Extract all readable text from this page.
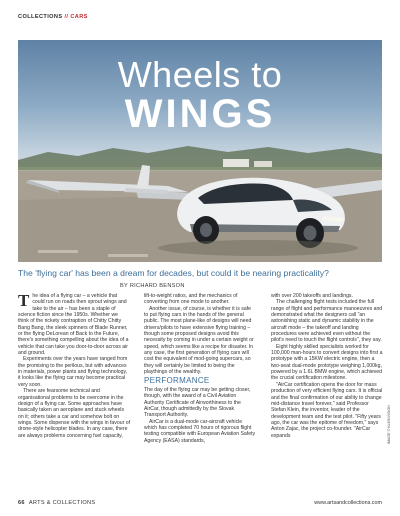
COLLECTIONS // CARS
Wheels to
WINGS
The 'flying car' has been a dream for decades, but could it be nearing practicality?
BY RICHARD BENSON

The idea of a flying car – a vehicle that could run on roads then sprout wings and take to the air – has been a staple of science fiction since the 1950s. Whether we think of the rickety contraption of Chitty Chitty Bang Bang, the sleek spinners of Blade Runner, or the flying DeLorean of Back to the Future, there's something compelling about the idea of a vehicle that can take you door-to-door across air and ground.

Experiments over the years have ranged from the promising to the perilous, but with advances in materials, power plants and flying technology, it looks like the flying car may become practical very soon.

There are fearsome technical and organisational problems to be overcome in the design of a flying car. Some approaches have basically taken an aeroplane and stuck wheels on it; others take a car and somehow bolt on wings. Some dispense with the wings in favour of drone-style helicopter blades. In any case, there are always problems concerning fuel capacity,

lift-to-weight ratios, and the mechanics of converting from one mode to another.

Another issue, of course, is whether it is safe to put flying cars in the hands of the general public. The most plane-like of designs will need drivers/pilots to have extensive flying training – though some proposed designs avoid this necessity by coming in under a certain weight or speed, which seems like a recipe for disaster. In any case, the first generation of flying cars will cost the equivalent of mod-going supercars, so they will certainly be limited to being the playthings of the wealthy.

PERFORMANCE

The day of the flying car may be getting closer, though, with the award of a Civil Aviation Authority Certificate of Airworthiness to the AirCar, though admittedly by the Slovak Transport Authority.

AirCar is a dual-mode car-aircraft vehicle which has completed 70 hours of rigorous flight testing compatible with European Aviation Safety Agency (EASA) standards,

with over 200 takeoffs and landings.

The challenging flight tests included the full range of flight and performance manoeuvres and demonstrated what the designers call "an astonishing static and dynamic stability in the aircraft mode – the takeoff and landing procedures were achieved even without the pilot's need to touch the flight controls", they say.

Eight highly skilled specialists worked for 100,000 man-hours to convert designs into first a prototype with a 15KW electric engine, then a two-seat dual-mode prototype weighing 1,000kg, powered by a 1.6L BMW engine, which achieved the crucial certification milestone.

"AirCar certification opens the door for mass production of very efficient flying cars. It is official and the final confirmation of our ability to change mid-distance travel forever," said Professor Stefan Klein, the inventor, leader of the development team and the test pilot. "Fifty years ago, the car was the epitome of freedom," says Anton Zajac, the project co-founder. "AirCar expands	IMAGE © KLEINVISION
66 ARTS & COLLECTIONS	www.artsandcollections.com
